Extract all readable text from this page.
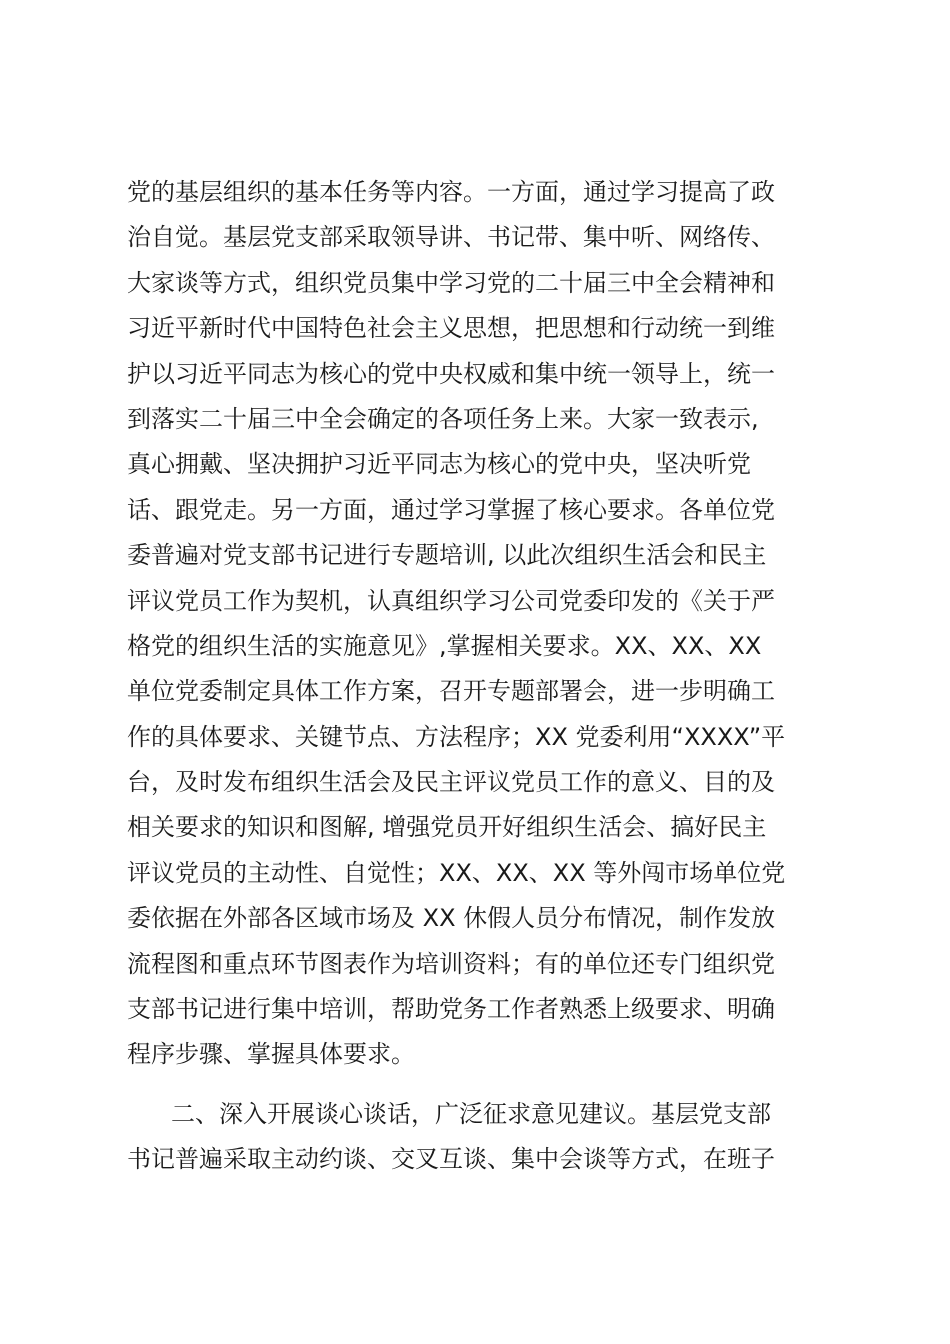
党的基层组织的基本任务等内容。一方面，通过学习提高了政
治自觉。基层党支部采取领导讲、书记带、集中听、网络传、
大家谈等方式，组织党员集中学习党的二十届三中全会精神和
习近平新时代中国特色社会主义思想，把思想和行动统一到维
护以习近平同志为核心的党中央权威和集中统一领导上，统一
到落实二十届三中全会确定的各项任务上来。大家一致表示,
真心拥戴、坚决拥护习近平同志为核心的党中央，坚决听党
话、跟党走。另一方面，通过学习掌握了核心要求。各单位党
委普遍对党支部书记进行专题培训, 以此次组织生活会和民主
评议党员工作为契机，认真组织学习公司党委印发的《关于严
格党的组织生活的实施意见》,掌握相关要求。XX、XX、XX
单位党委制定具体工作方案，召开专题部署会，进一步明确工
作的具体要求、关键节点、方法程序；XX 党委利用“XXXX”平
台，及时发布组织生活会及民主评议党员工作的意义、目的及
相关要求的知识和图解, 增强党员开好组织生活会、搞好民主
评议党员的主动性、自觉性；XX、XX、XX 等外闯市场单位党
委依据在外部各区域市场及 XX 休假人员分布情况，制作发放
流程图和重点环节图表作为培训资料；有的单位还专门组织党
支部书记进行集中培训，帮助党务工作者熟悉上级要求、明确
程序步骤、掌握具体要求。
二、深入开展谈心谈话，广泛征求意见建议。基层党支部
书记普遍采取主动约谈、交叉互谈、集中会谈等方式，在班子
